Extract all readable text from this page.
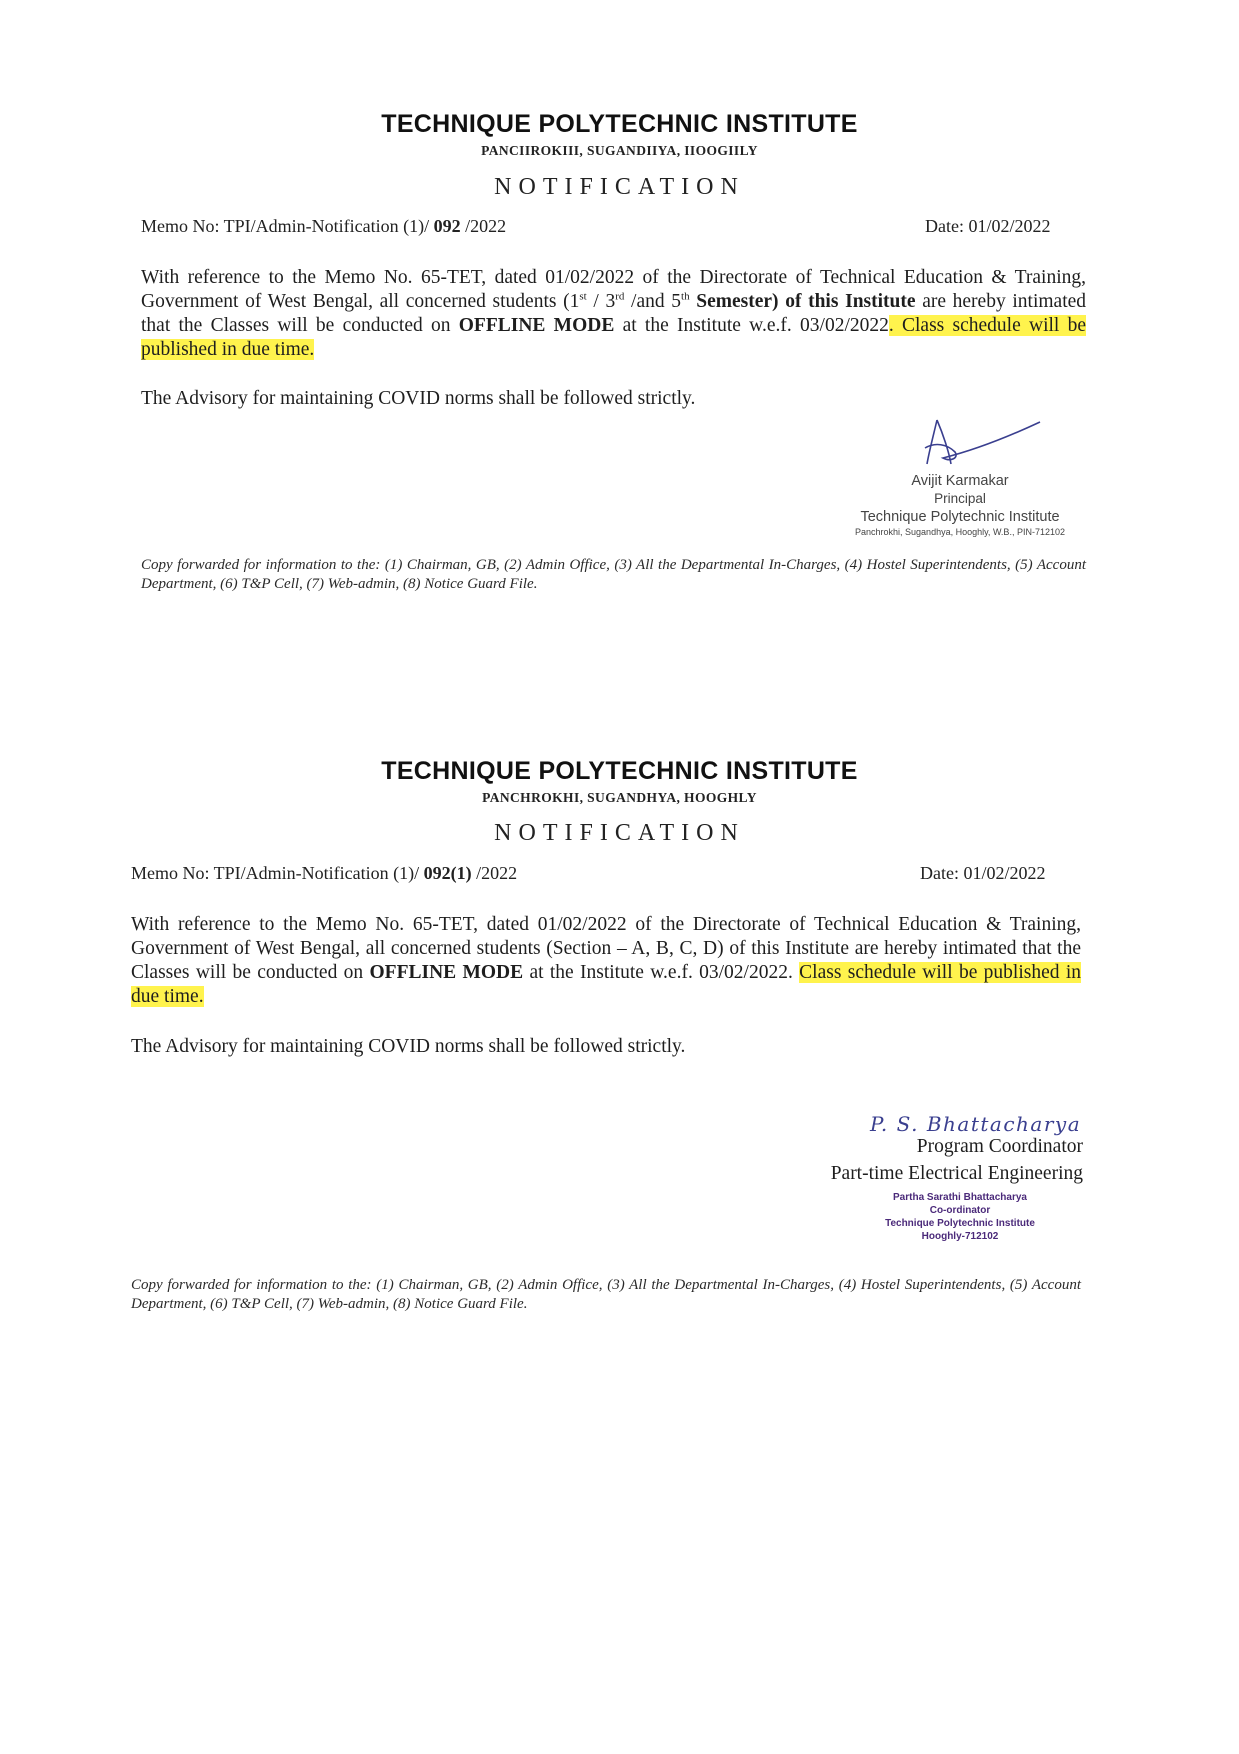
TECHNIQUE POLYTECHNIC INSTITUTE
PANCIIROKIII, SUGANDIIYA, IIOOGIILY
NOTIFICATION
Memo No: TPI/Admin-Notification (1)/ 092 /2022	Date: 01/02/2022
With reference to the Memo No. 65-TET, dated 01/02/2022 of the Directorate of Technical Education & Training, Government of West Bengal, all concerned students (1st / 3rd /and 5th Semester) of this Institute are hereby intimated that the Classes will be conducted on OFFLINE MODE at the Institute w.e.f. 03/02/2022. Class schedule will be published in due time.
The Advisory for maintaining COVID norms shall be followed strictly.
Avijit Karmakar
Principal
Technique Polytechnic Institute
Panchrokhi, Sugandhya, Hooghly, W.B., PIN-712102
Copy forwarded for information to the: (1) Chairman, GB, (2) Admin Office, (3) All the Departmental In-Charges, (4) Hostel Superintendents, (5) Account Department, (6) T&P Cell, (7) Web-admin, (8) Notice Guard File.
TECHNIQUE POLYTECHNIC INSTITUTE
PANCHROKHI, SUGANDHYA, HOOGHLY
NOTIFICATION
Memo No: TPI/Admin-Notification (1)/ 092(1) /2022	Date: 01/02/2022
With reference to the Memo No. 65-TET, dated 01/02/2022 of the Directorate of Technical Education & Training, Government of West Bengal, all concerned students (Section – A, B, C, D) of this Institute are hereby intimated that the Classes will be conducted on OFFLINE MODE at the Institute w.e.f. 03/02/2022. Class schedule will be published in due time.
The Advisory for maintaining COVID norms shall be followed strictly.
P. S. Bhattacharya
Program Coordinator
Part-time Electrical Engineering
Partha Sarathi Bhattacharya
Co-ordinator
Technique Polytechnic Institute
Hooghly-712102
Copy forwarded for information to the: (1) Chairman, GB, (2) Admin Office, (3) All the Departmental In-Charges, (4) Hostel Superintendents, (5) Account Department, (6) T&P Cell, (7) Web-admin, (8) Notice Guard File.
